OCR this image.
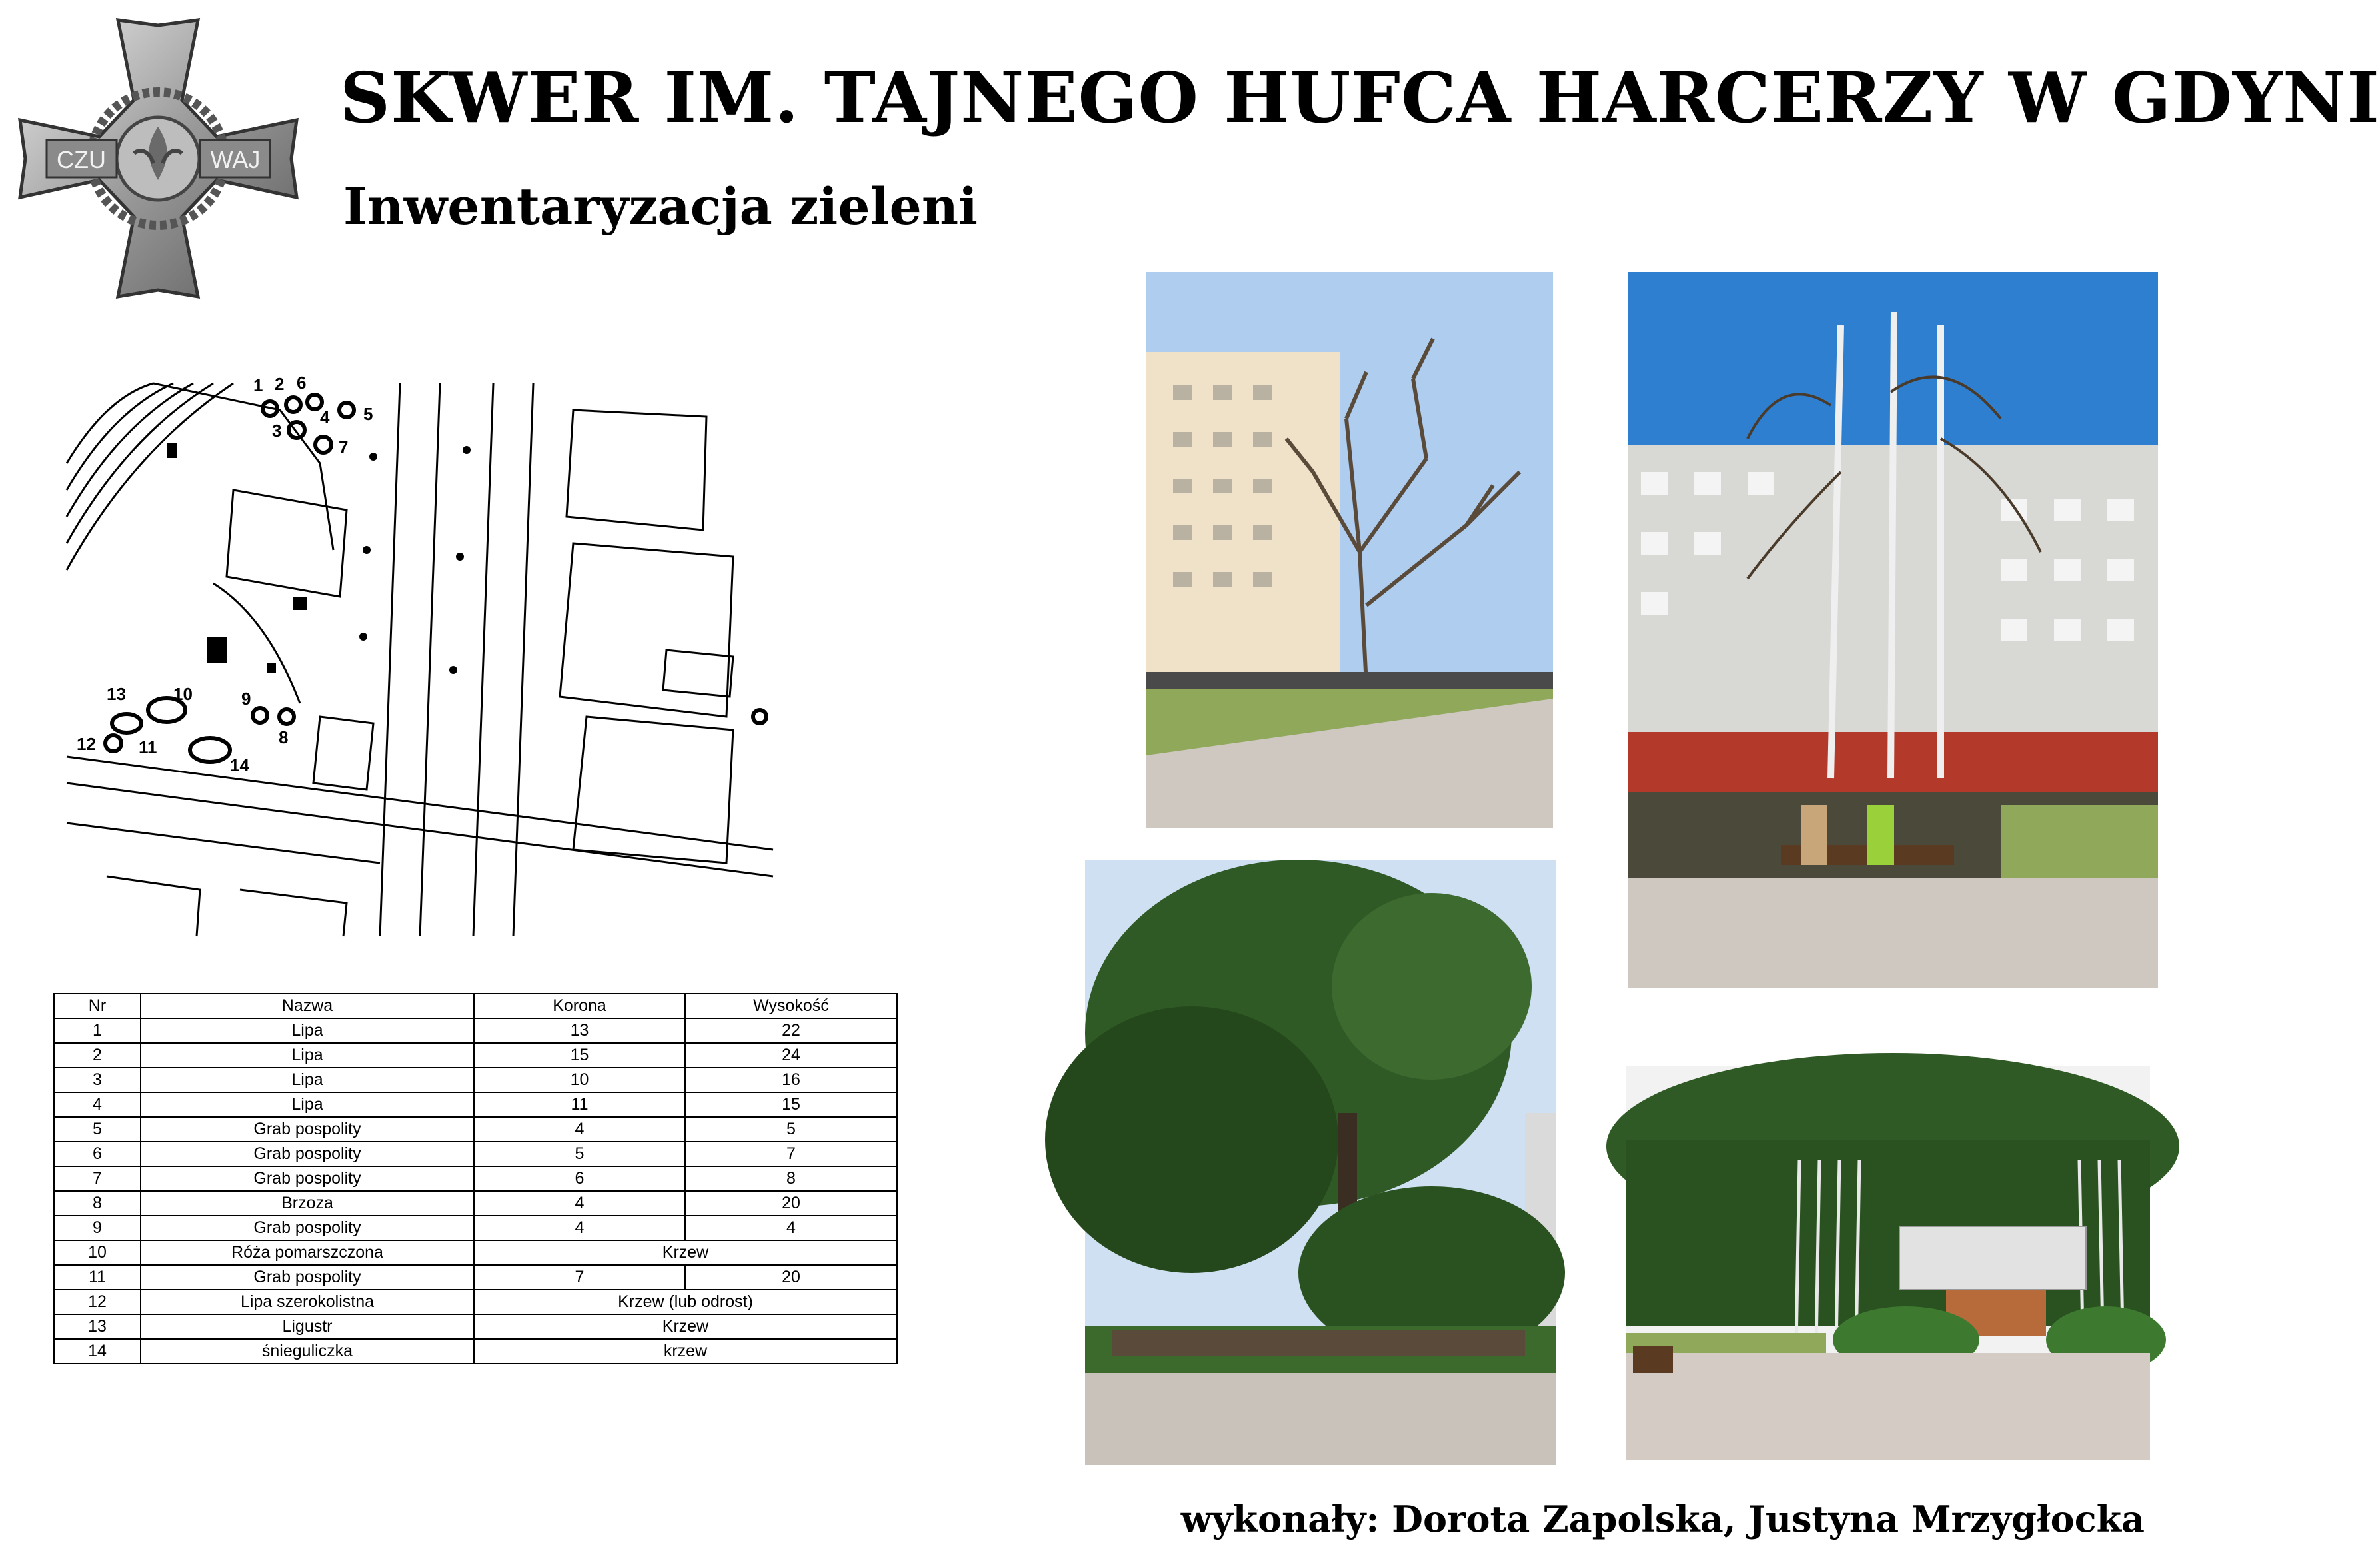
CZU	WAJ
SKWER IM. TAJNEGO HUFCA HARCERZY W GDYNI
Inwentaryzacja zieleni
1 2 6
3
4 5
7
9
8
10
11
12
13
14
Nr	Nazwa	Korona	Wysokość
1	Lipa	13	22
2	Lipa	15	24
3	Lipa	10	16
4	Lipa	11	15
5	Grab pospolity	4	5
6	Grab pospolity	5	7
7	Grab pospolity	6	8
8	Brzoza	4	20
9	Grab pospolity	4	4
10	Róża pomarszczona	Krzew	
11	Grab pospolity	7	20
12	Lipa szerokolistna	Krzew (lub odrost)	
13	Ligustr	Krzew	
14	śnieguliczka	krzew	

wykonały: Dorota Zapolska, Justyna Mrzygłocka
